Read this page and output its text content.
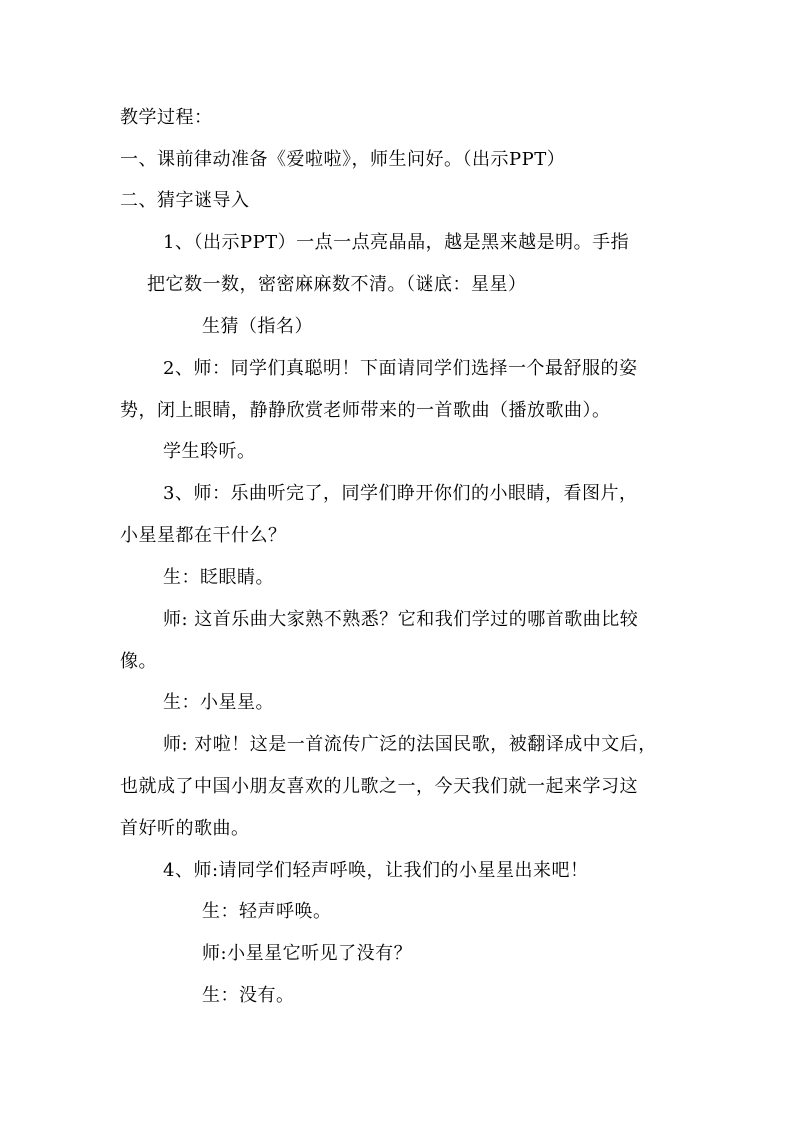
教学过程：
一、课前律动准备《爱啦啦》，师生问好。（出示PPT）
二、猜字谜导入
1、（出示PPT）一点一点亮晶晶，越是黑来越是明。手指
把它数一数，密密麻麻数不清。（谜底：星星）
生猜（指名）
2、师：同学们真聪明！下面请同学们选择一个最舒服的姿
势，闭上眼睛，静静欣赏老师带来的一首歌曲（播放歌曲）。
学生聆听。
3、师：乐曲听完了，同学们睁开你们的小眼睛，看图片，
小星星都在干什么？
生：眨眼睛。
师: 这首乐曲大家熟不熟悉？它和我们学过的哪首歌曲比较
像。
生：小星星。
师: 对啦！这是一首流传广泛的法国民歌，被翻译成中文后，
也就成了中国小朋友喜欢的儿歌之一，今天我们就一起来学习这
首好听的歌曲。
4、师:请同学们轻声呼唤，让我们的小星星出来吧！
生：轻声呼唤。
师:小星星它听见了没有？
生：没有。
